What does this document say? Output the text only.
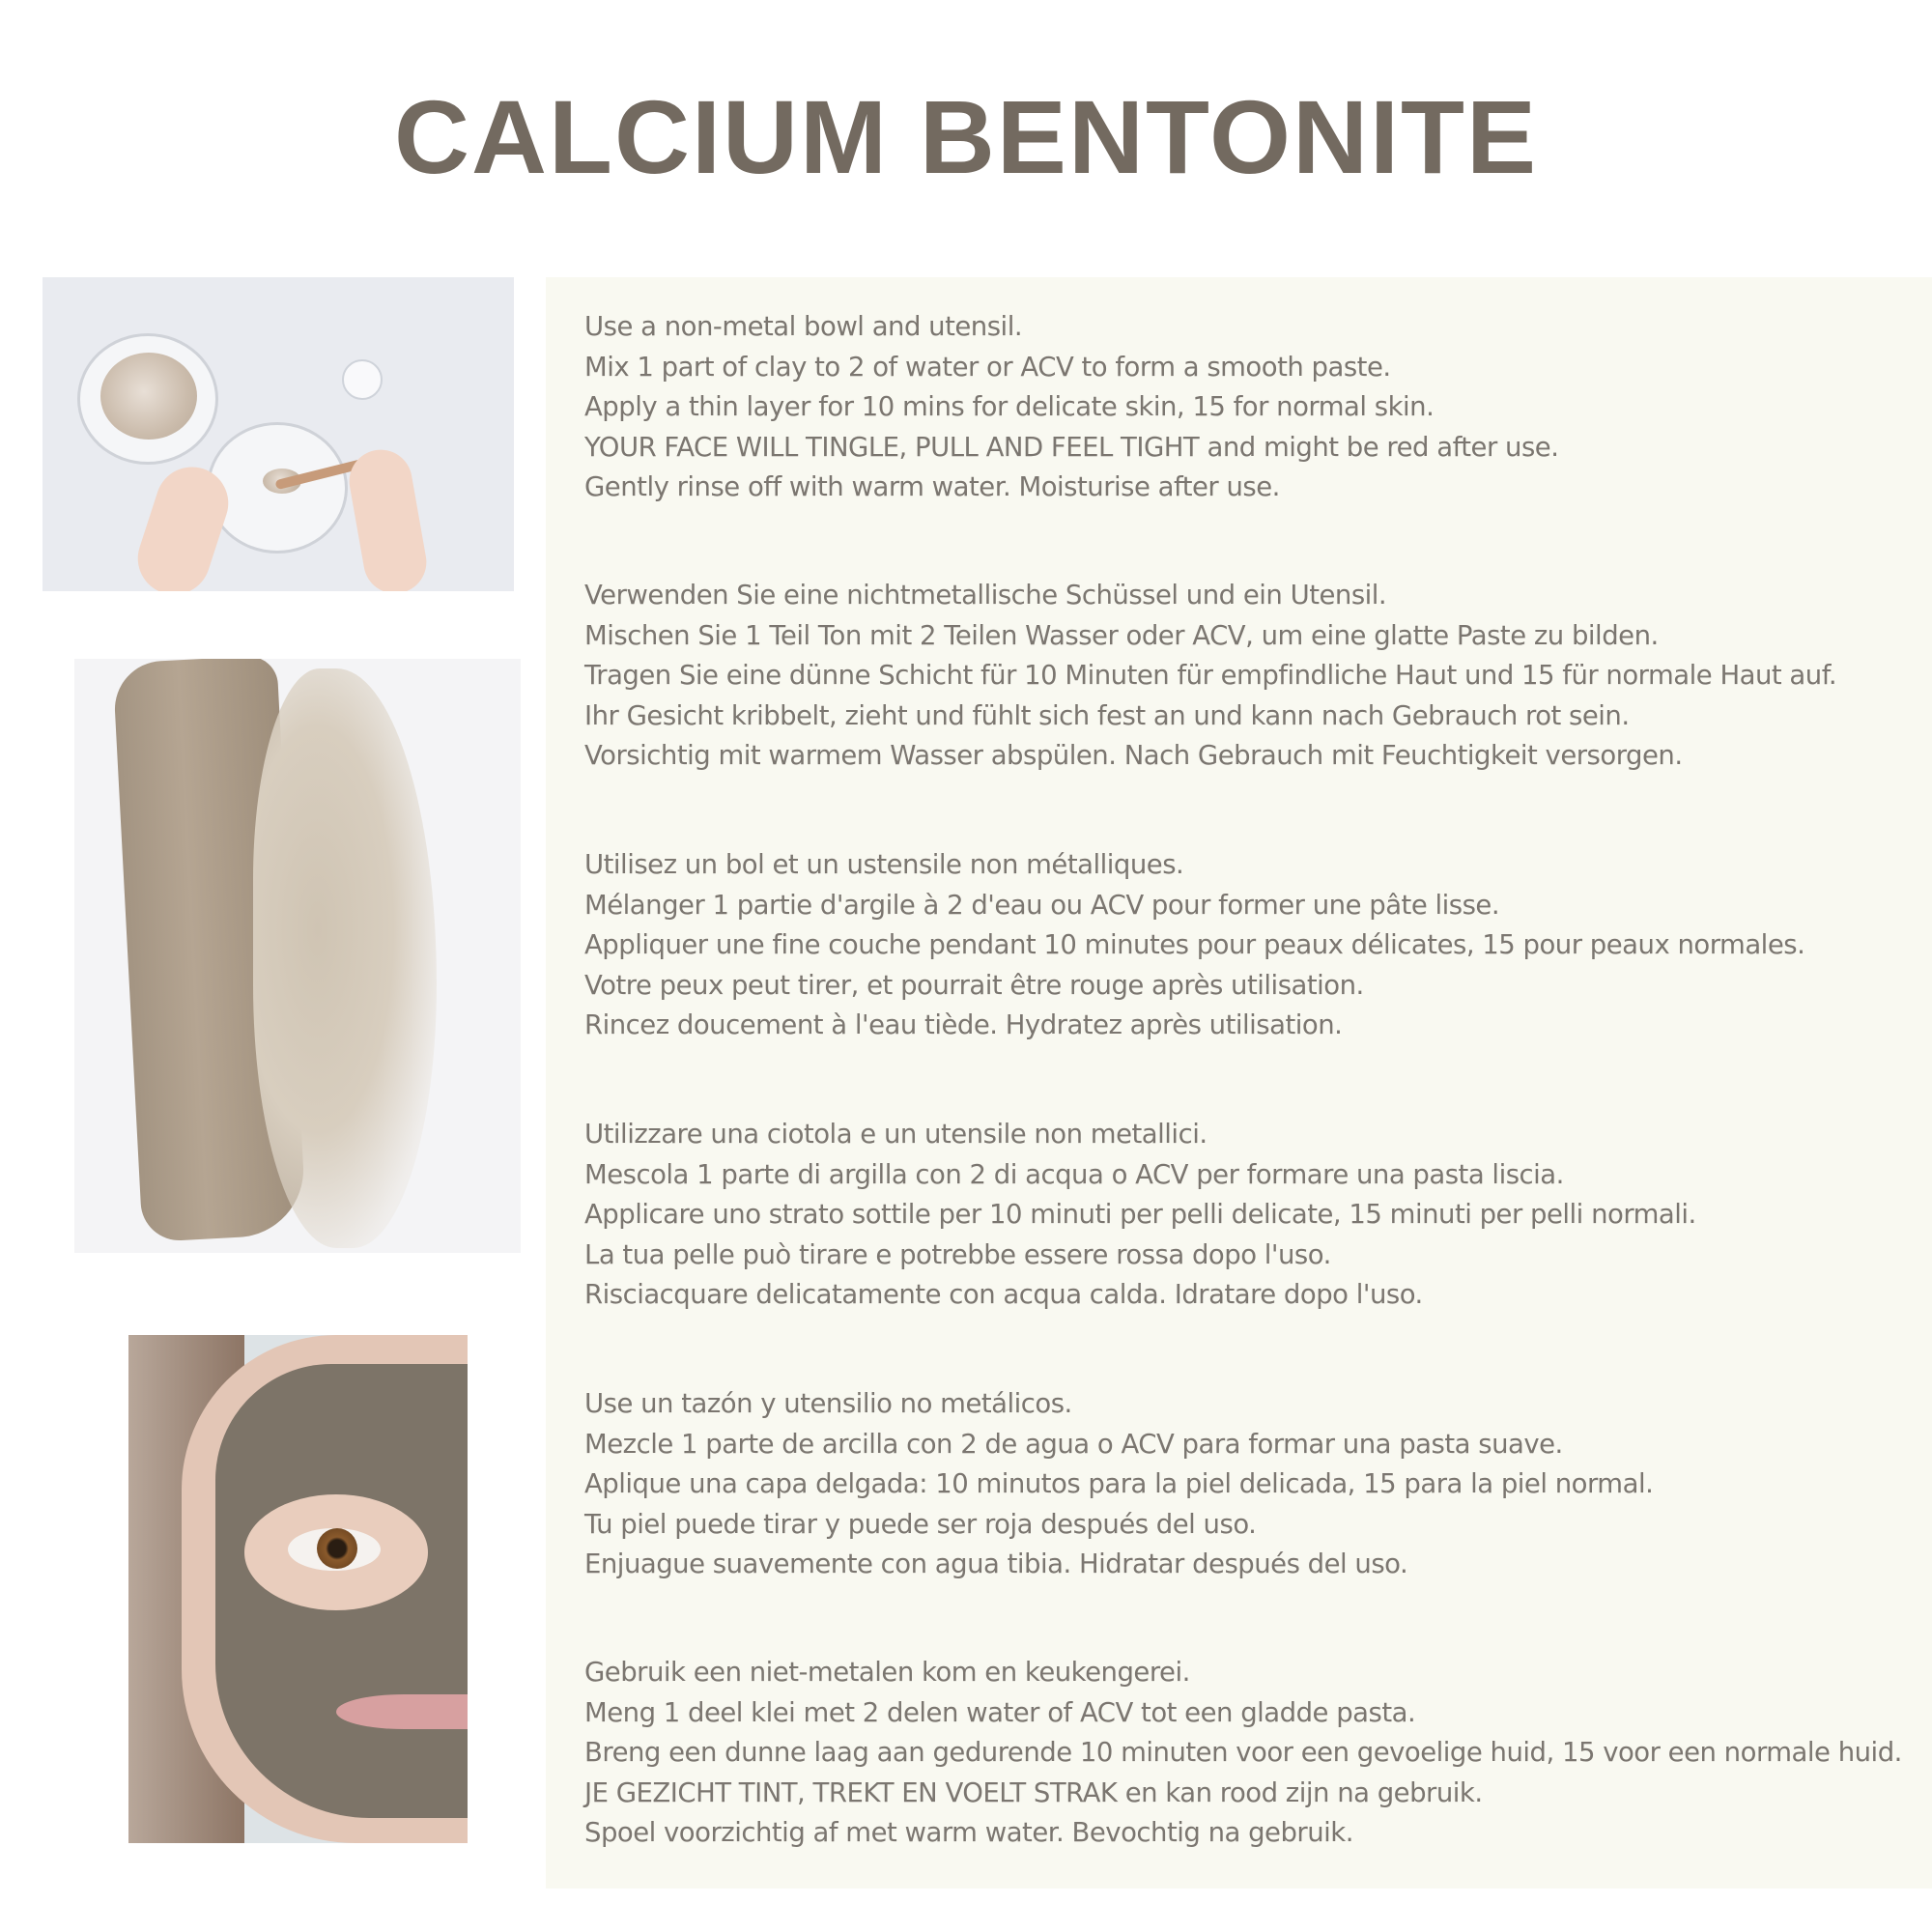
CALCIUM BENTONITE
Use a non-metal bowl and utensil.
Mix 1 part of clay to 2 of water or ACV to form a smooth paste.
Apply a thin layer for 10 mins for delicate skin, 15 for normal skin.
YOUR FACE WILL TINGLE, PULL AND FEEL TIGHT and might be red after use.
Gently rinse off with warm water. Moisturise after use.
Verwenden Sie eine nichtmetallische Schüssel und ein Utensil.
Mischen Sie 1 Teil Ton mit 2 Teilen Wasser oder ACV, um eine glatte Paste zu bilden.
Tragen Sie eine dünne Schicht für 10 Minuten für empfindliche Haut und 15 für normale Haut auf.
Ihr Gesicht kribbelt, zieht und fühlt sich fest an und kann nach Gebrauch rot sein.
Vorsichtig mit warmem Wasser abspülen. Nach Gebrauch mit Feuchtigkeit versorgen.
Utilisez un bol et un ustensile non métalliques.
Mélanger 1 partie d'argile à 2 d'eau ou ACV pour former une pâte lisse.
Appliquer une fine couche pendant 10 minutes pour peaux délicates, 15 pour peaux normales.
Votre peux peut tirer, et pourrait être rouge après utilisation.
Rincez doucement à l'eau tiède. Hydratez après utilisation.
Utilizzare una ciotola e un utensile non metallici.
Mescola 1 parte di argilla con 2 di acqua o ACV per formare una pasta liscia.
Applicare uno strato sottile per 10 minuti per pelli delicate, 15 minuti per pelli normali.
La tua pelle può tirare e potrebbe essere rossa dopo l'uso.
Risciacquare delicatamente con acqua calda. Idratare dopo l'uso.
Use un tazón y utensilio no metálicos.
Mezcle 1 parte de arcilla con 2 de agua o ACV para formar una pasta suave.
Aplique una capa delgada: 10 minutos para la piel delicada, 15 para la piel normal.
Tu piel puede tirar y puede ser roja después del uso.
Enjuague suavemente con agua tibia. Hidratar después del uso.
Gebruik een niet-metalen kom en keukengerei.
Meng 1 deel klei met 2 delen water of ACV tot een gladde pasta.
Breng een dunne laag aan gedurende 10 minuten voor een gevoelige huid, 15 voor een normale huid.
JE GEZICHT TINT, TREKT EN VOELT STRAK en kan rood zijn na gebruik.
Spoel voorzichtig af met warm water. Bevochtig na gebruik.
